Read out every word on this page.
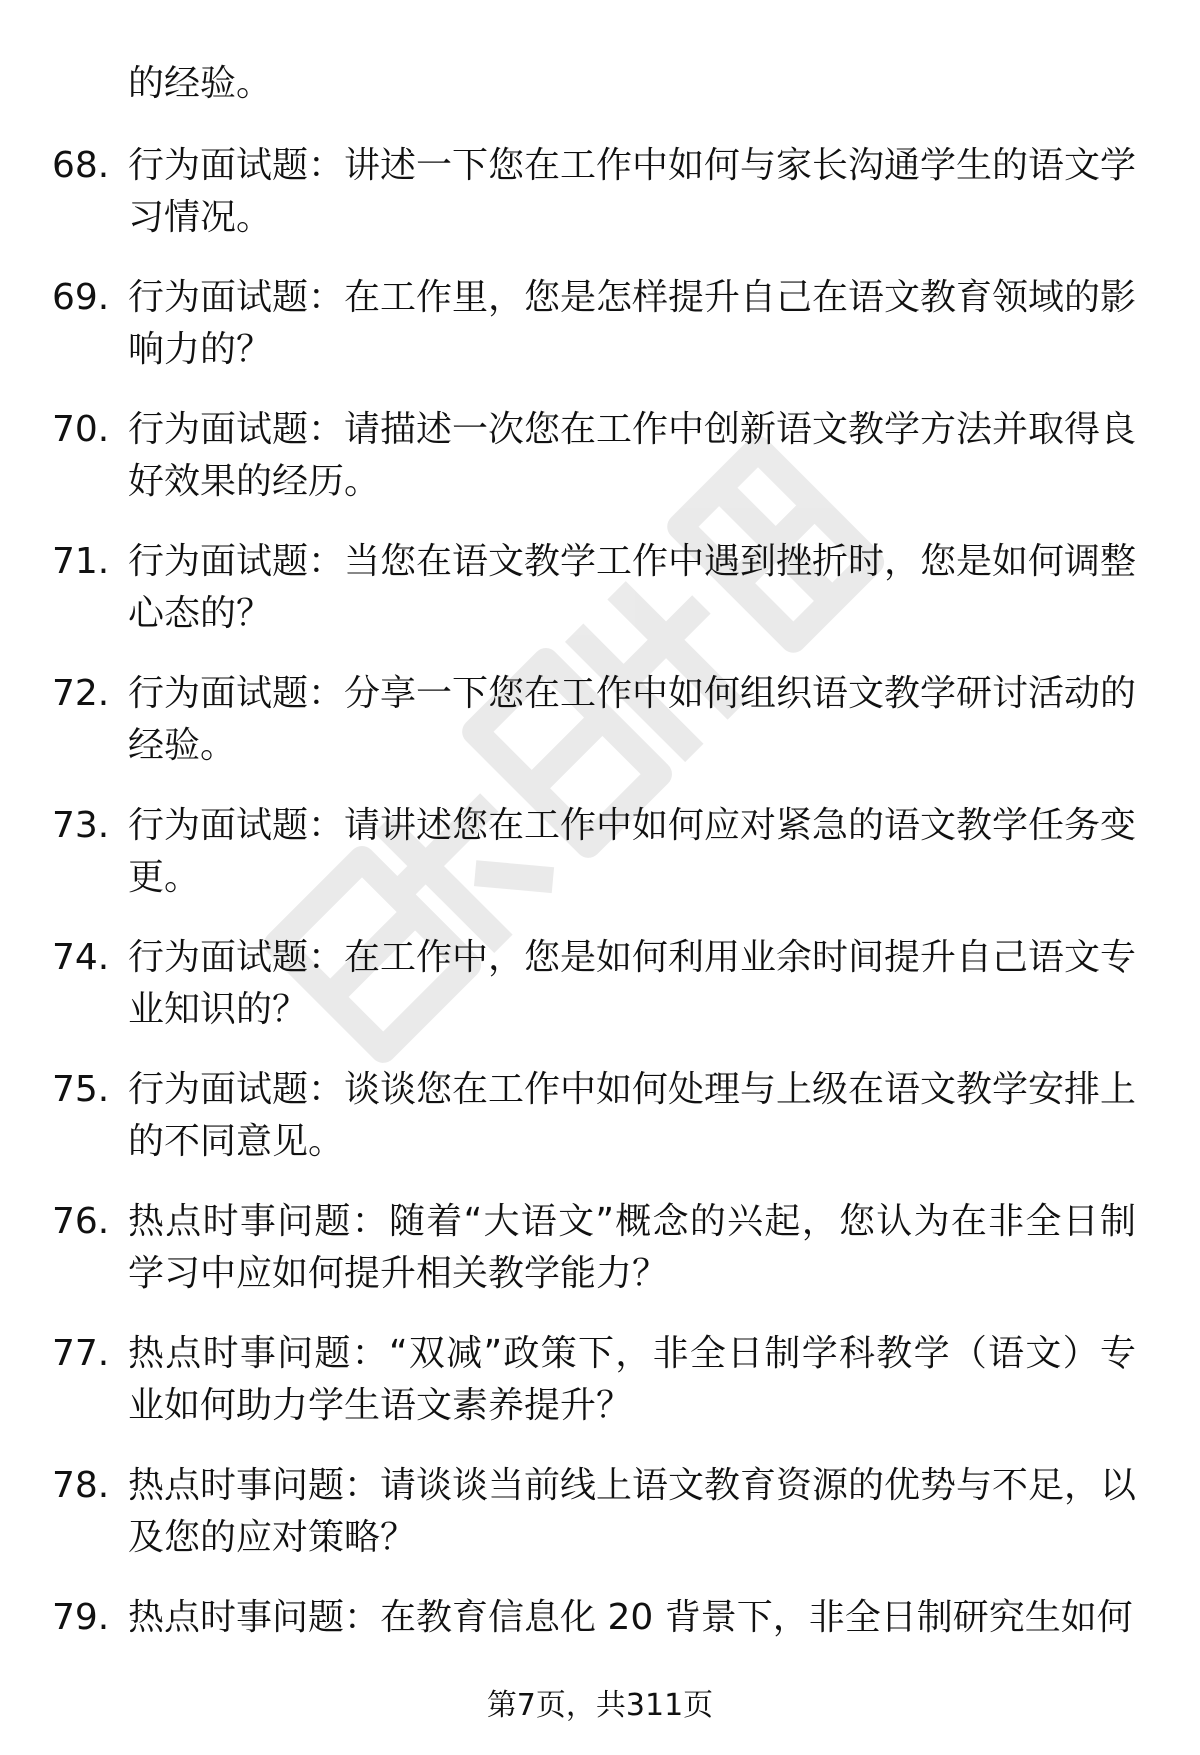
的经验。
68. 行为面试题：讲述一下您在工作中如何与家长沟通学生的语文学习情况。
69. 行为面试题：在工作里，您是怎样提升自己在语文教育领域的影响力的？
70. 行为面试题：请描述一次您在工作中创新语文教学方法并取得良好效果的经历。
71. 行为面试题：当您在语文教学工作中遇到挫折时，您是如何调整心态的？
72. 行为面试题：分享一下您在工作中如何组织语文教学研讨活动的经验。
73. 行为面试题：请讲述您在工作中如何应对紧急的语文教学任务变更。
74. 行为面试题：在工作中，您是如何利用业余时间提升自己语文专业知识的？
75. 行为面试题：谈谈您在工作中如何处理与上级在语文教学安排上的不同意见。
76. 热点时事问题：随着“大语文”概念的兴起，您认为在非全日制学习中应如何提升相关教学能力？
77. 热点时事问题：“双减”政策下，非全日制学科教学（语文）专业如何助力学生语文素养提升？
78. 热点时事问题：请谈谈当前线上语文教育资源的优势与不足，以及您的应对策略？
79. 热点时事问题：在教育信息化 20 背景下，非全日制研究生如何
第7页，共311页
